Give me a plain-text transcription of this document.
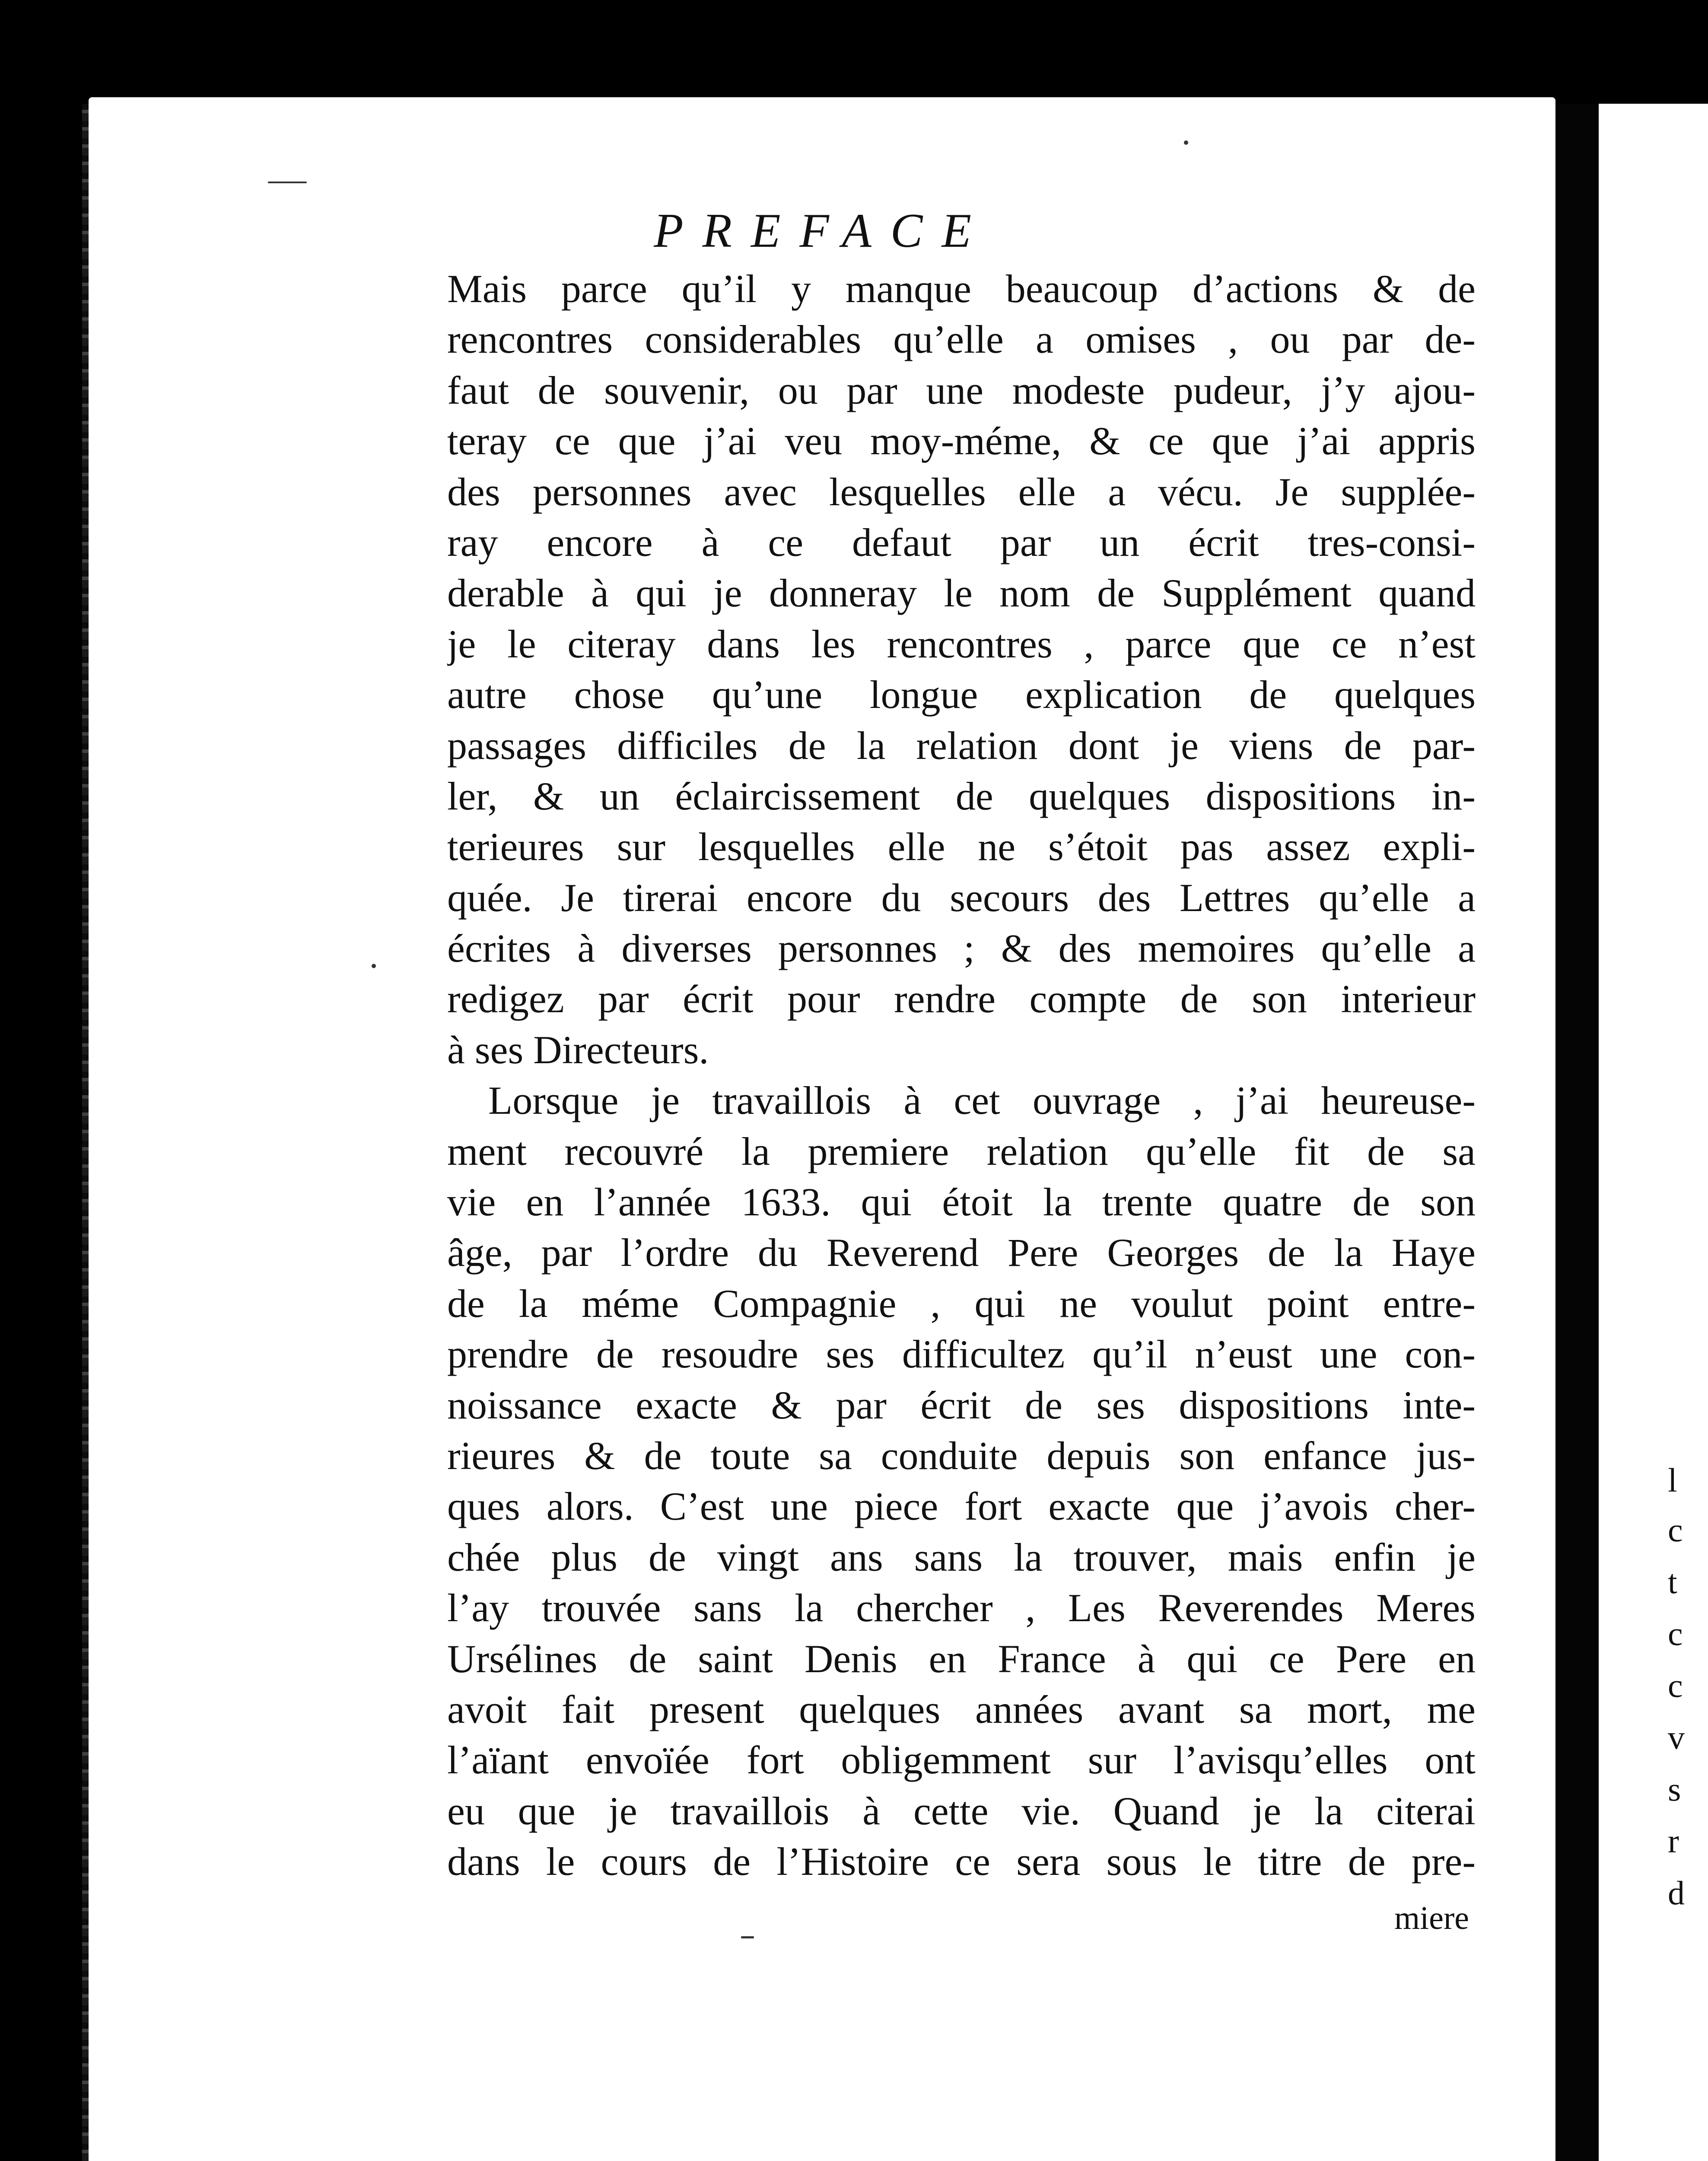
l
c
t
c
c
v
s
r
d
PREFACE
Mais parce qu’il y manque beaucoup d’actions & de
rencontres considerables qu’elle a omises , ou par de-
faut de souvenir, ou par une modeste pudeur, j’y ajou-
teray ce que j’ai veu moy-méme, & ce que j’ai appris
des personnes avec lesquelles elle a vécu. Je supplée-
ray encore à ce defaut par un écrit tres-consi-
derable à qui je donneray le nom de Supplément quand
je le citeray dans les rencontres , parce que ce n’est
autre chose qu’une longue explication de quelques
passages difficiles de la relation dont je viens de par-
ler, & un éclaircissement de quelques dispositions in-
terieures sur lesquelles elle ne s’étoit pas assez expli-
quée. Je tirerai encore du secours des Lettres qu’elle a
écrites à diverses personnes ; & des memoires qu’elle a
redigez par écrit pour rendre compte de son interieur
à ses Directeurs.
Lorsque je travaillois à cet ouvrage , j’ai heureuse-
ment recouvré la premiere relation qu’elle fit de sa
vie en l’année 1633. qui étoit la trente quatre de son
âge, par l’ordre du Reverend Pere Georges de la Haye
de la méme Compagnie , qui ne voulut point entre-
prendre de resoudre ses difficultez qu’il n’eust une con-
noissance exacte & par écrit de ses dispositions inte-
rieures & de toute sa conduite depuis son enfance jus-
ques alors. C’est une piece fort exacte que j’avois cher-
chée plus de vingt ans sans la trouver, mais enfin je
l’ay trouvée sans la chercher , Les Reverendes Meres
Ursélines de saint Denis en France à qui ce Pere en
avoit fait present quelques années avant sa mort, me
l’aïant envoïée fort obligemment sur l’avisqu’elles ont
eu que je travaillois à cette vie. Quand je la citerai
dans le cours de l’Histoire ce sera sous le titre de pre-
miere
